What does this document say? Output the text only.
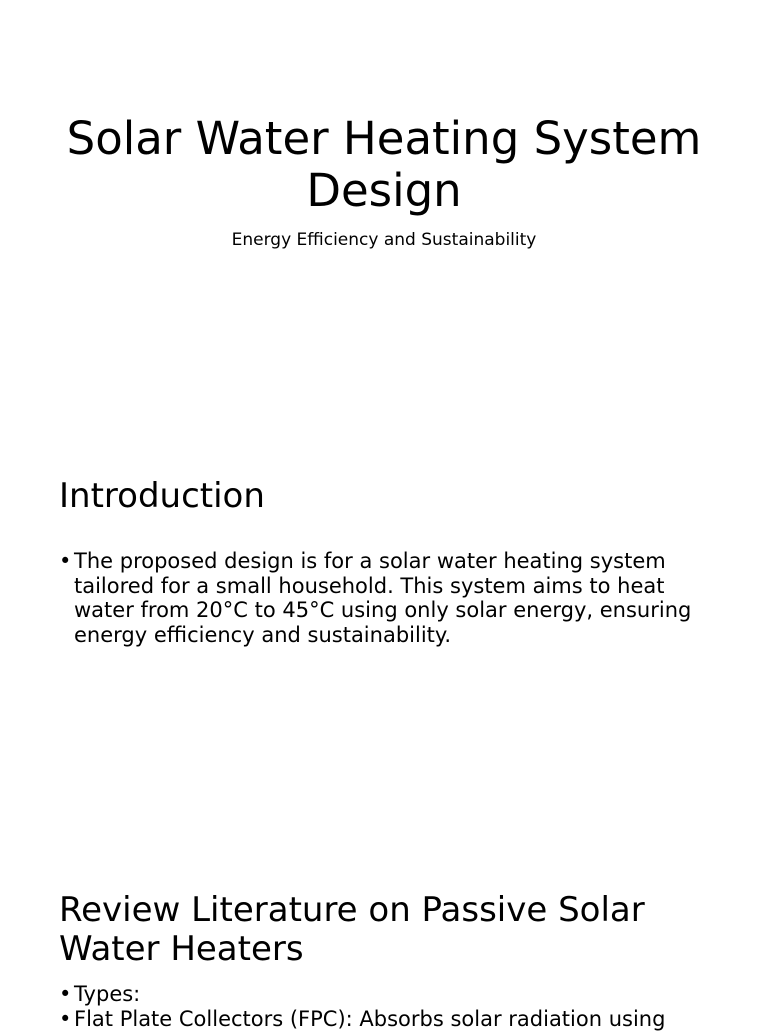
Solar Water Heating System Design

Energy Efficiency and Sustainability

Introduction
• The proposed design is for a solar water heating system tailored for a small household. This system aims to heat water from 20°C to 45°C using only solar energy, ensuring energy efficiency and sustainability.
Review Literature on Passive Solar Water Heaters
• Types:
• Flat Plate Collectors (FPC): Absorbs solar radiation using
